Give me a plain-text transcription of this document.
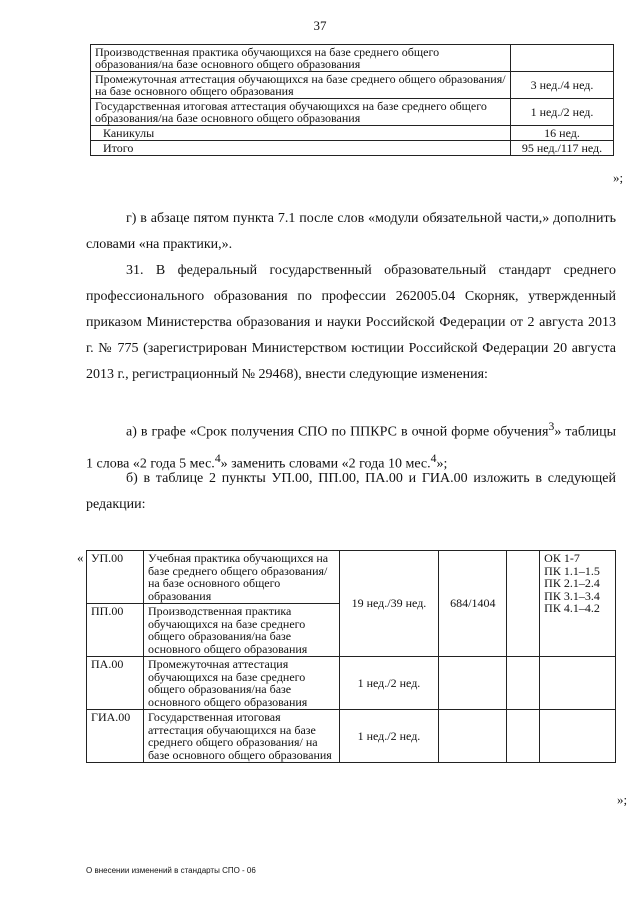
37
Производственная практика обучающихся на базе среднего общего образования/на базе основного общего образования	
Промежуточная аттестация обучающихся на базе среднего общего образования/на базе основного общего образования	3 нед./4 нед.
Государственная итоговая аттестация обучающихся на базе среднего общего образования/на базе основного общего образования	1 нед./2 нед.
Каникулы	16 нед.
Итого	95 нед./117 нед.
»;

г) в абзаце пятом пункта 7.1 после слов «модули обязательной части,» дополнить словами «на практики,».

31. В федеральный государственный образовательный стандарт среднего профессионального образования по профессии 262005.04 Скорняк, утвержденный приказом Министерства образования и науки Российской Федерации от 2 августа 2013 г. № 775 (зарегистрирован Министерством юстиции Российской Федерации 20 августа 2013 г., регистрационный № 29468), внести следующие изменения:

а) в графе «Срок получения СПО по ППКРС в очной форме обучения$^3$» таблицы 1 слова «2 года 5 мес.$^4$» заменить словами «2 года 10 мес.$^4$»;

б) в таблице 2 пункты УП.00, ПП.00, ПА.00 и ГИА.00 изложить в следующей редакции:

« УП.00	Учебная практика обучающихся на базе среднего общего образования/на базе основного общего образования	19 нед./39 нед.	684/1404		ОК 1-7
ПК 1.1–1.5
ПК 2.1–2.4
ПК 3.1–3.4
ПК 4.1–4.2

ПП.00	Производственная практика обучающихся на базе среднего общего образования/на базе основного общего образования				
ПА.00	Промежуточная аттестация обучающихся на базе среднего общего образования/на базе основного общего образования	1 нед./2 нед.			
ГИА.00	Государственная итоговая аттестация обучающихся на базе среднего общего образования/ на базе основного общего образования	1 нед./2 нед.			
»;
О внесении изменений в стандарты СПО - 06
